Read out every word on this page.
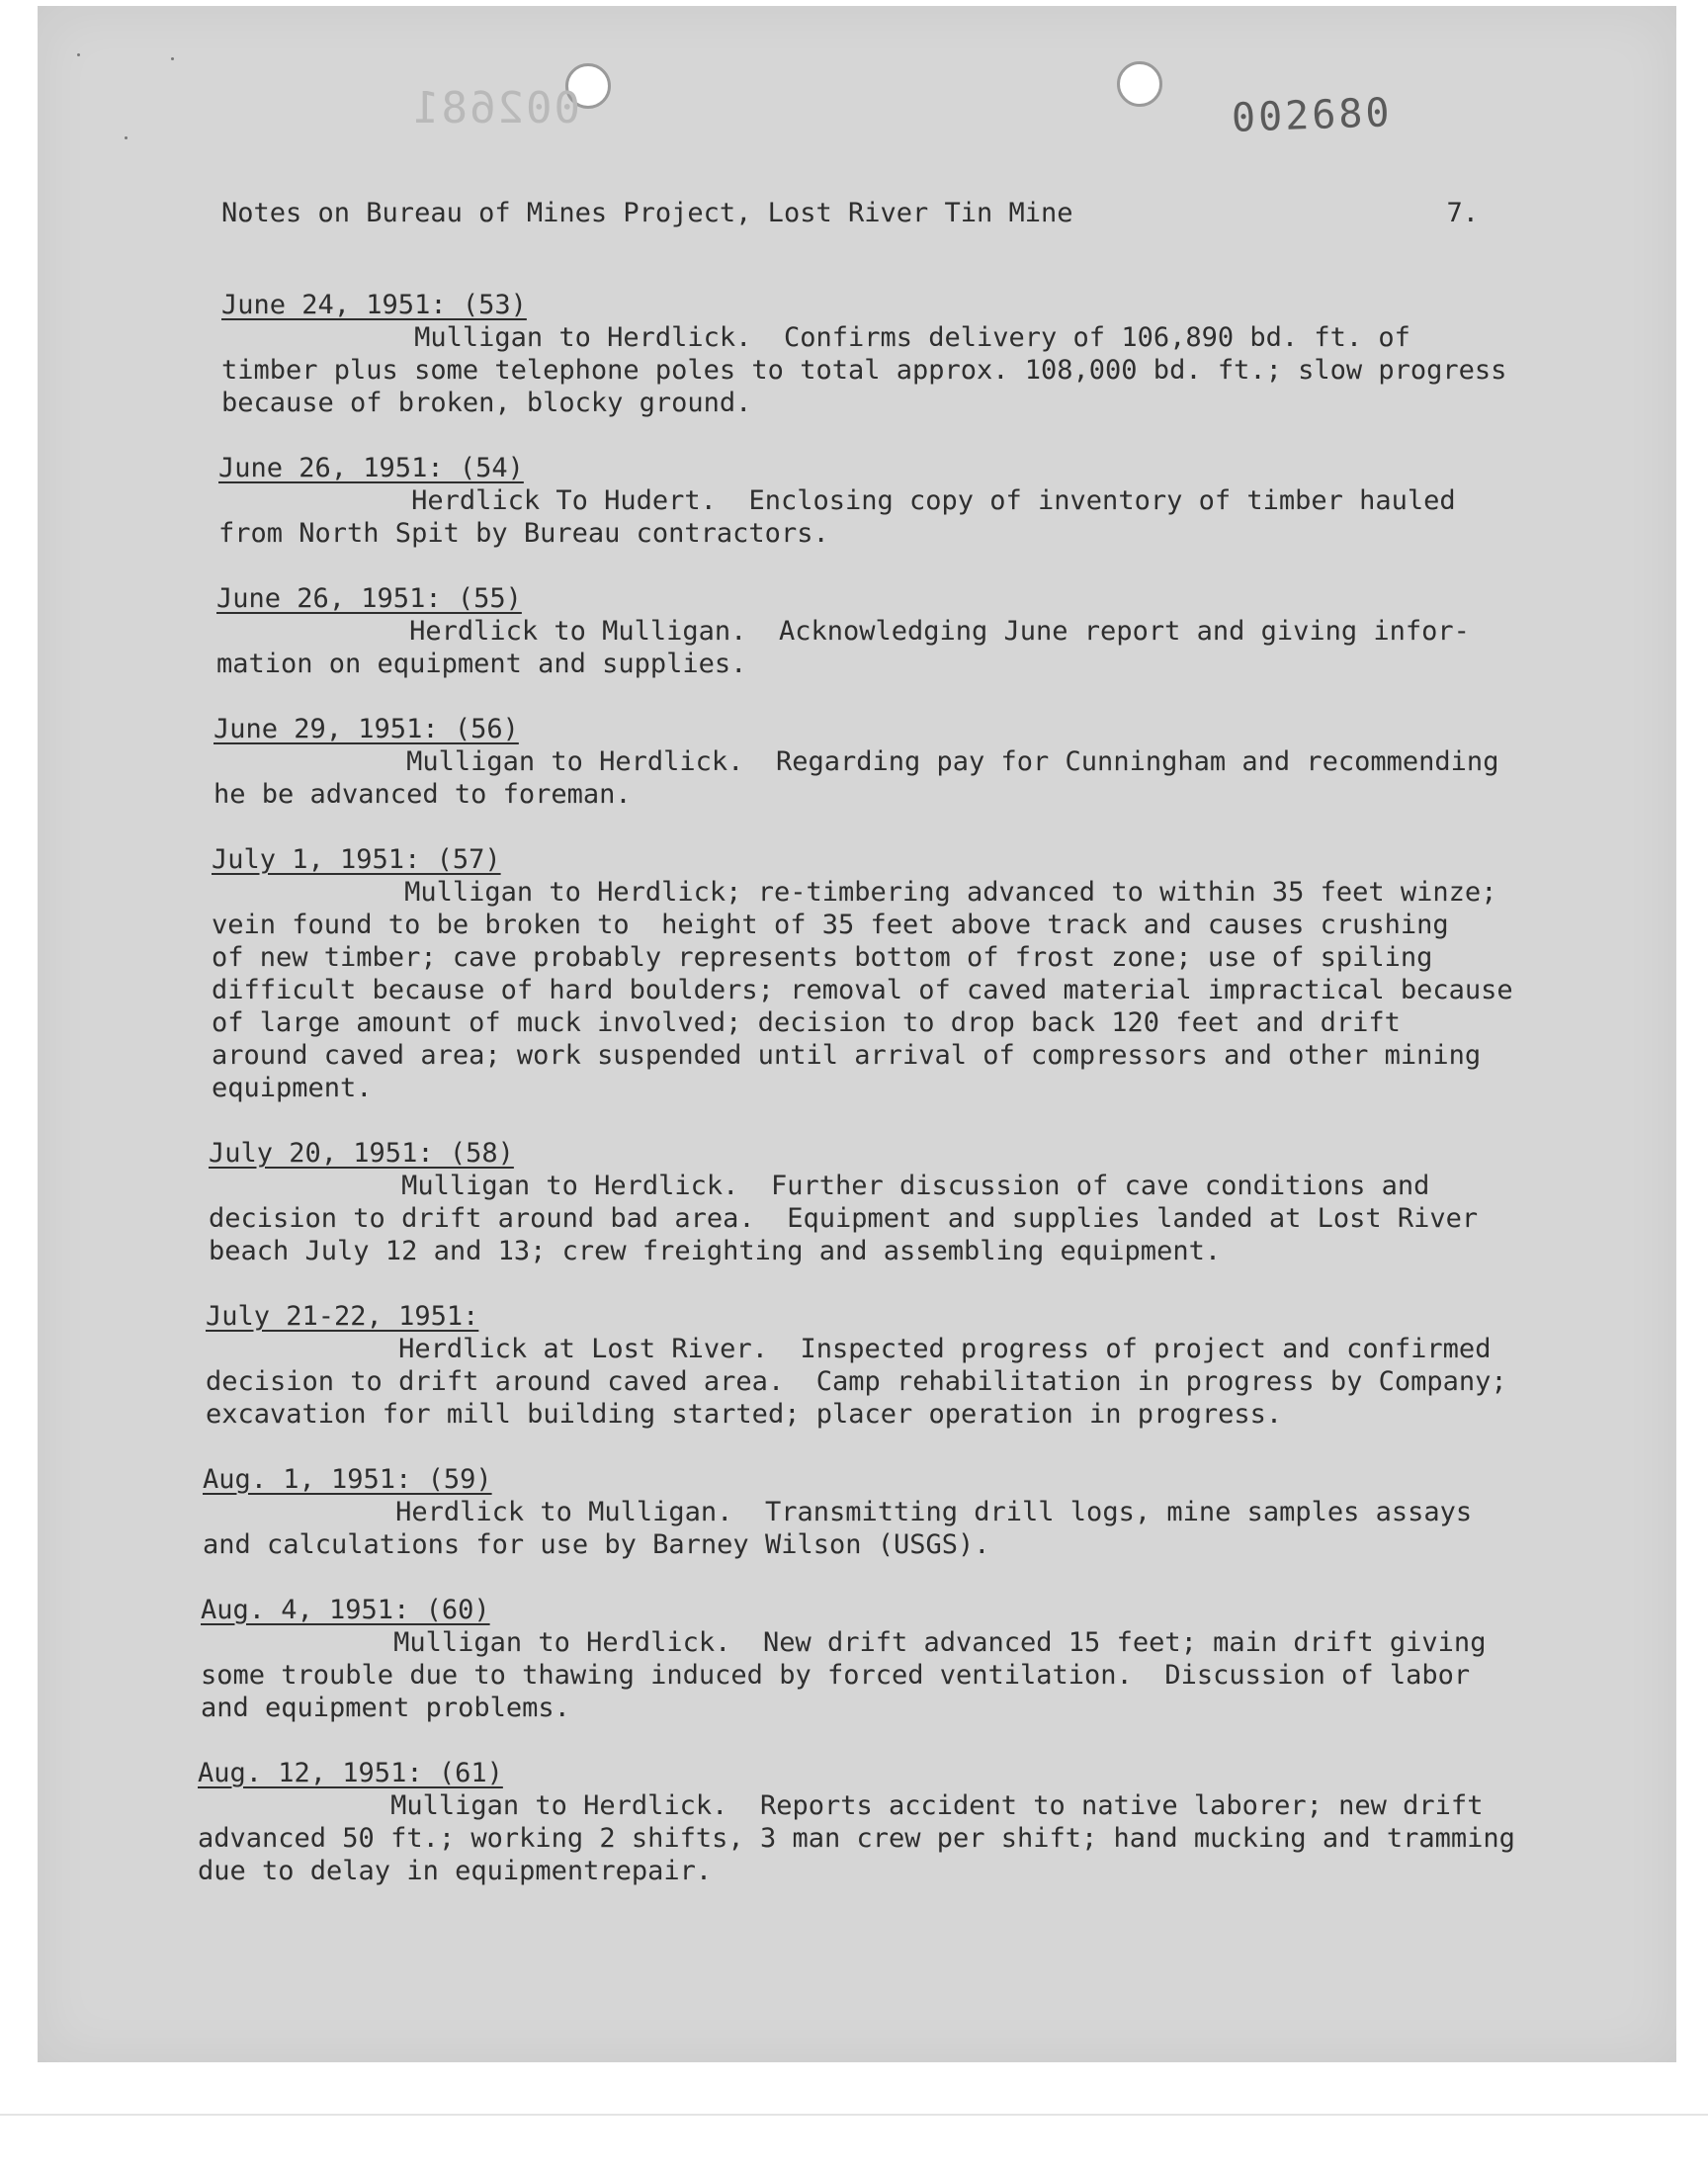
002681	002680
Notes on Bureau of Mines Project, Lost River Tin Mine	7.
June 24, 1951: (53)
Mulligan to Herdlick.  Confirms delivery of 106,890 bd. ft. of
timber plus some telephone poles to total approx. 108,000 bd. ft.; slow progress
because of broken, blocky ground.
June 26, 1951: (54)
Herdlick To Hudert.  Enclosing copy of inventory of timber hauled
from North Spit by Bureau contractors.
June 26, 1951: (55)
Herdlick to Mulligan.  Acknowledging June report and giving infor-
mation on equipment and supplies.
June 29, 1951: (56)
Mulligan to Herdlick.  Regarding pay for Cunningham and recommending
he be advanced to foreman.
July 1, 1951: (57)
Mulligan to Herdlick; re-timbering advanced to within 35 feet winze;
vein found to be broken to  height of 35 feet above track and causes crushing
of new timber; cave probably represents bottom of frost zone; use of spiling
difficult because of hard boulders; removal of caved material impractical because
of large amount of muck involved; decision to drop back 120 feet and drift
around caved area; work suspended until arrival of compressors and other mining
equipment.
July 20, 1951: (58)
Mulligan to Herdlick.  Further discussion of cave conditions and
decision to drift around bad area.  Equipment and supplies landed at Lost River
beach July 12 and 13; crew freighting and assembling equipment.
July 21-22, 1951:
Herdlick at Lost River.  Inspected progress of project and confirmed
decision to drift around caved area.  Camp rehabilitation in progress by Company;
excavation for mill building started; placer operation in progress.
Aug. 1, 1951: (59)
Herdlick to Mulligan.  Transmitting drill logs, mine samples assays
and calculations for use by Barney Wilson (USGS).
Aug. 4, 1951: (60)
Mulligan to Herdlick.  New drift advanced 15 feet; main drift giving
some trouble due to thawing induced by forced ventilation.  Discussion of labor
and equipment problems.
Aug. 12, 1951: (61)
Mulligan to Herdlick.  Reports accident to native laborer; new drift
advanced 50 ft.; working 2 shifts, 3 man crew per shift; hand mucking and tramming
due to delay in equipmentrepair.
